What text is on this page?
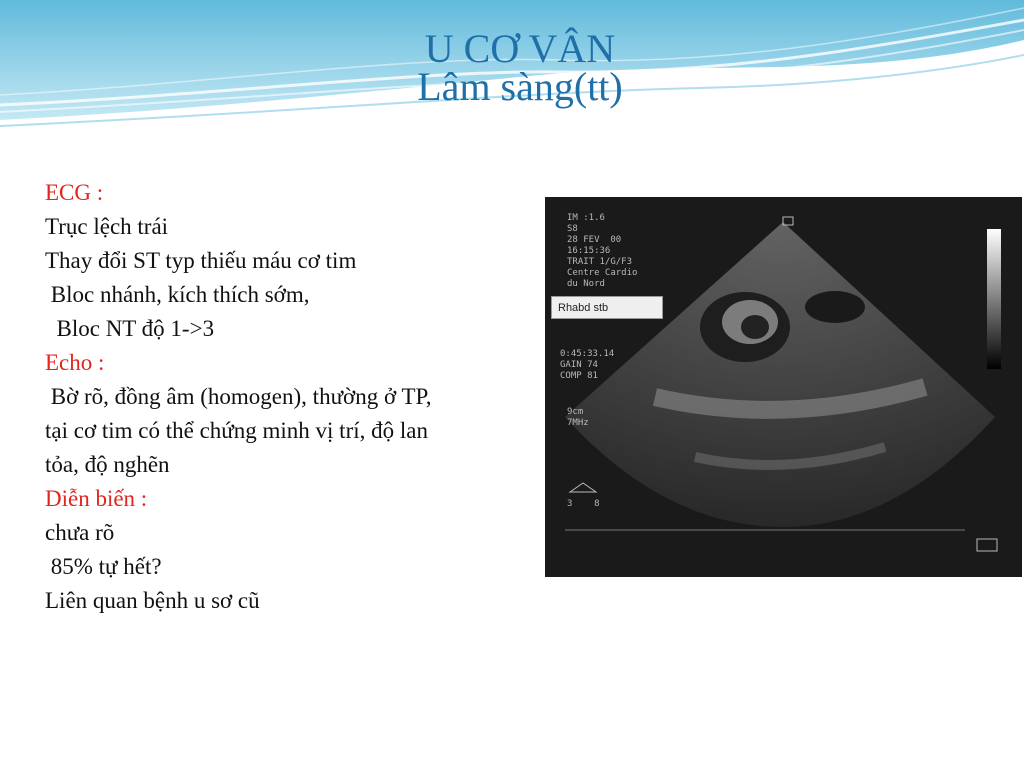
U CƠ VÂN
Lâm sàng(tt)
ECG :
Trục lệch trái
Thay đổi ST typ thiếu máu cơ tim
Bloc nhánh, kích thích sớm,
Bloc NT độ 1->3
Echo :
Bờ rõ, đồng âm (homogen), thường ở TP,
tại cơ tim có thể chứng minh vị trí, độ lan
tỏa, độ nghẽn
Diễn biến :
chưa rõ
85% tự hết?
Liên quan bệnh u sơ cũ
IM :1.6
S8
28 FEV  00
16:15:36
TRAIT 1/G/F3
Centre Cardio
du Nord
0:45:33.14
GAIN 74
COMP 81
9cm
7MHz
3    8
Rhabd stb
